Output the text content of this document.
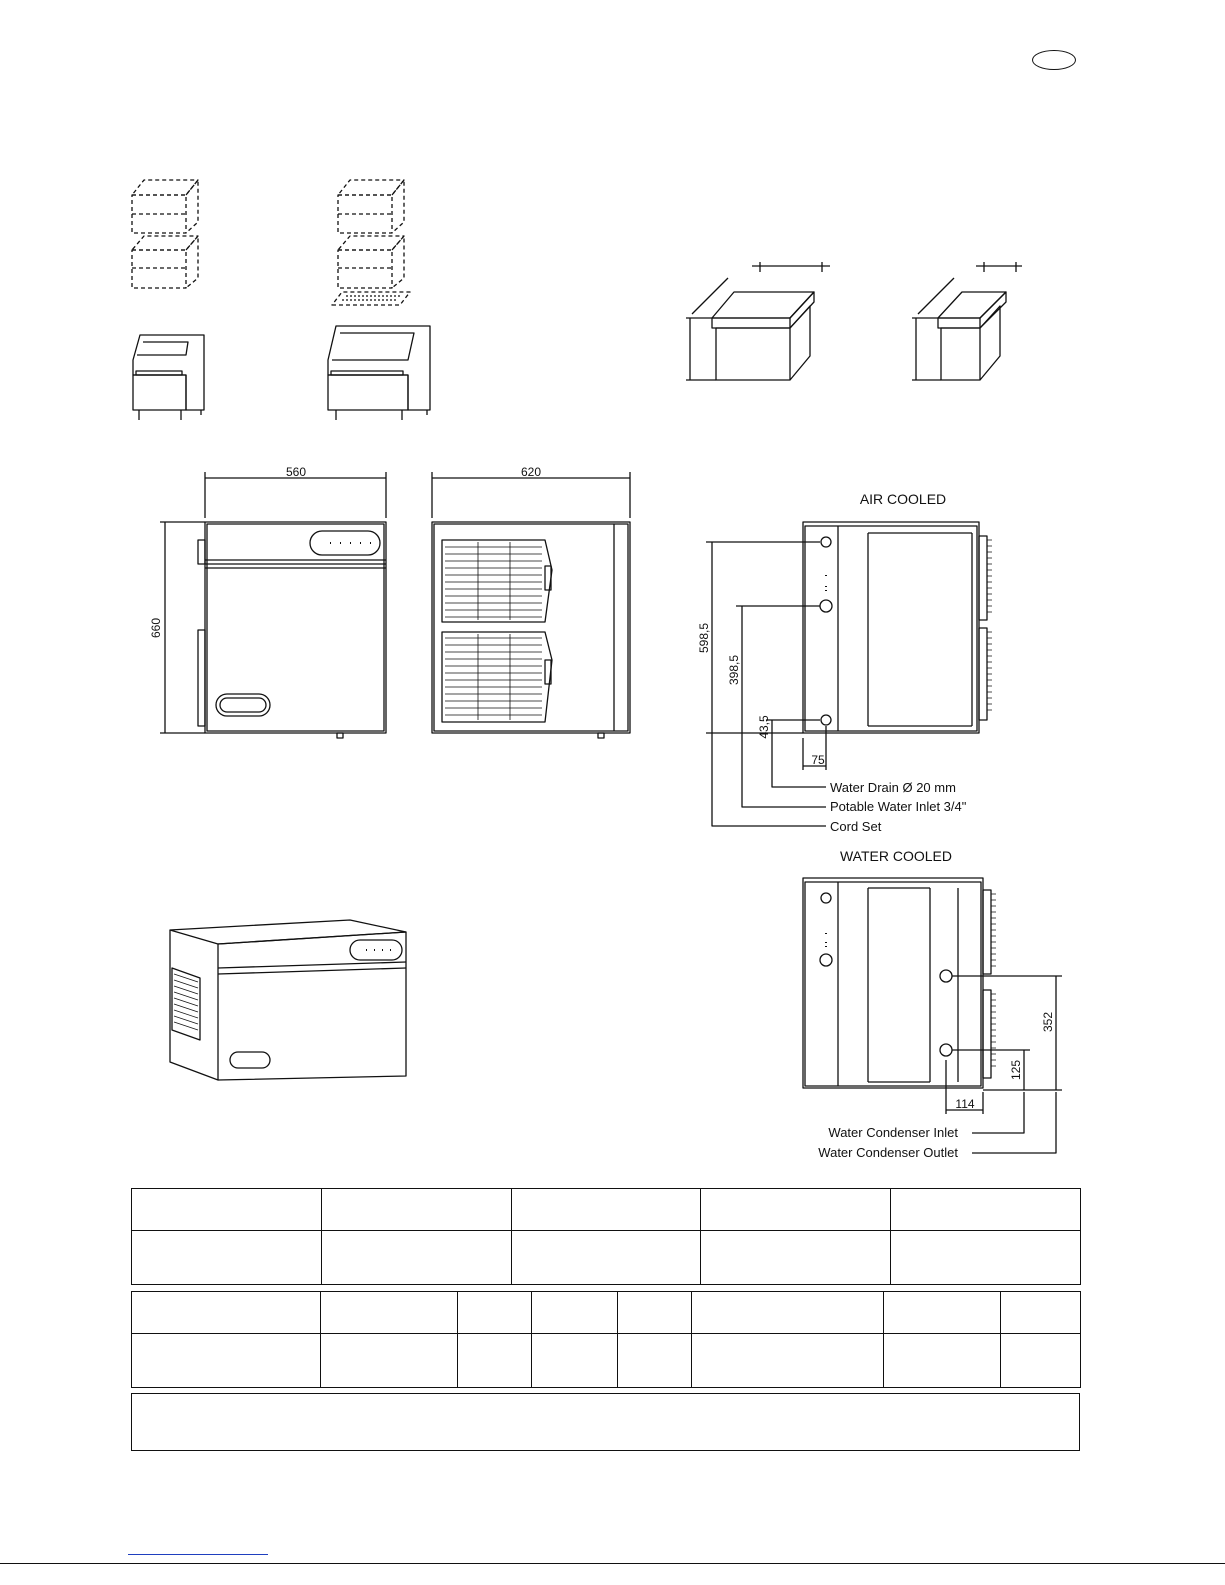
560	620
660
AIR COOLED
598,5
398,5
43,5
75
Water Drain Ø 20 mm
Potable Water Inlet 3/4"
Cord Set
WATER COOLED
352
125
114
Water Condenser Inlet
Water Condenser Outlet
